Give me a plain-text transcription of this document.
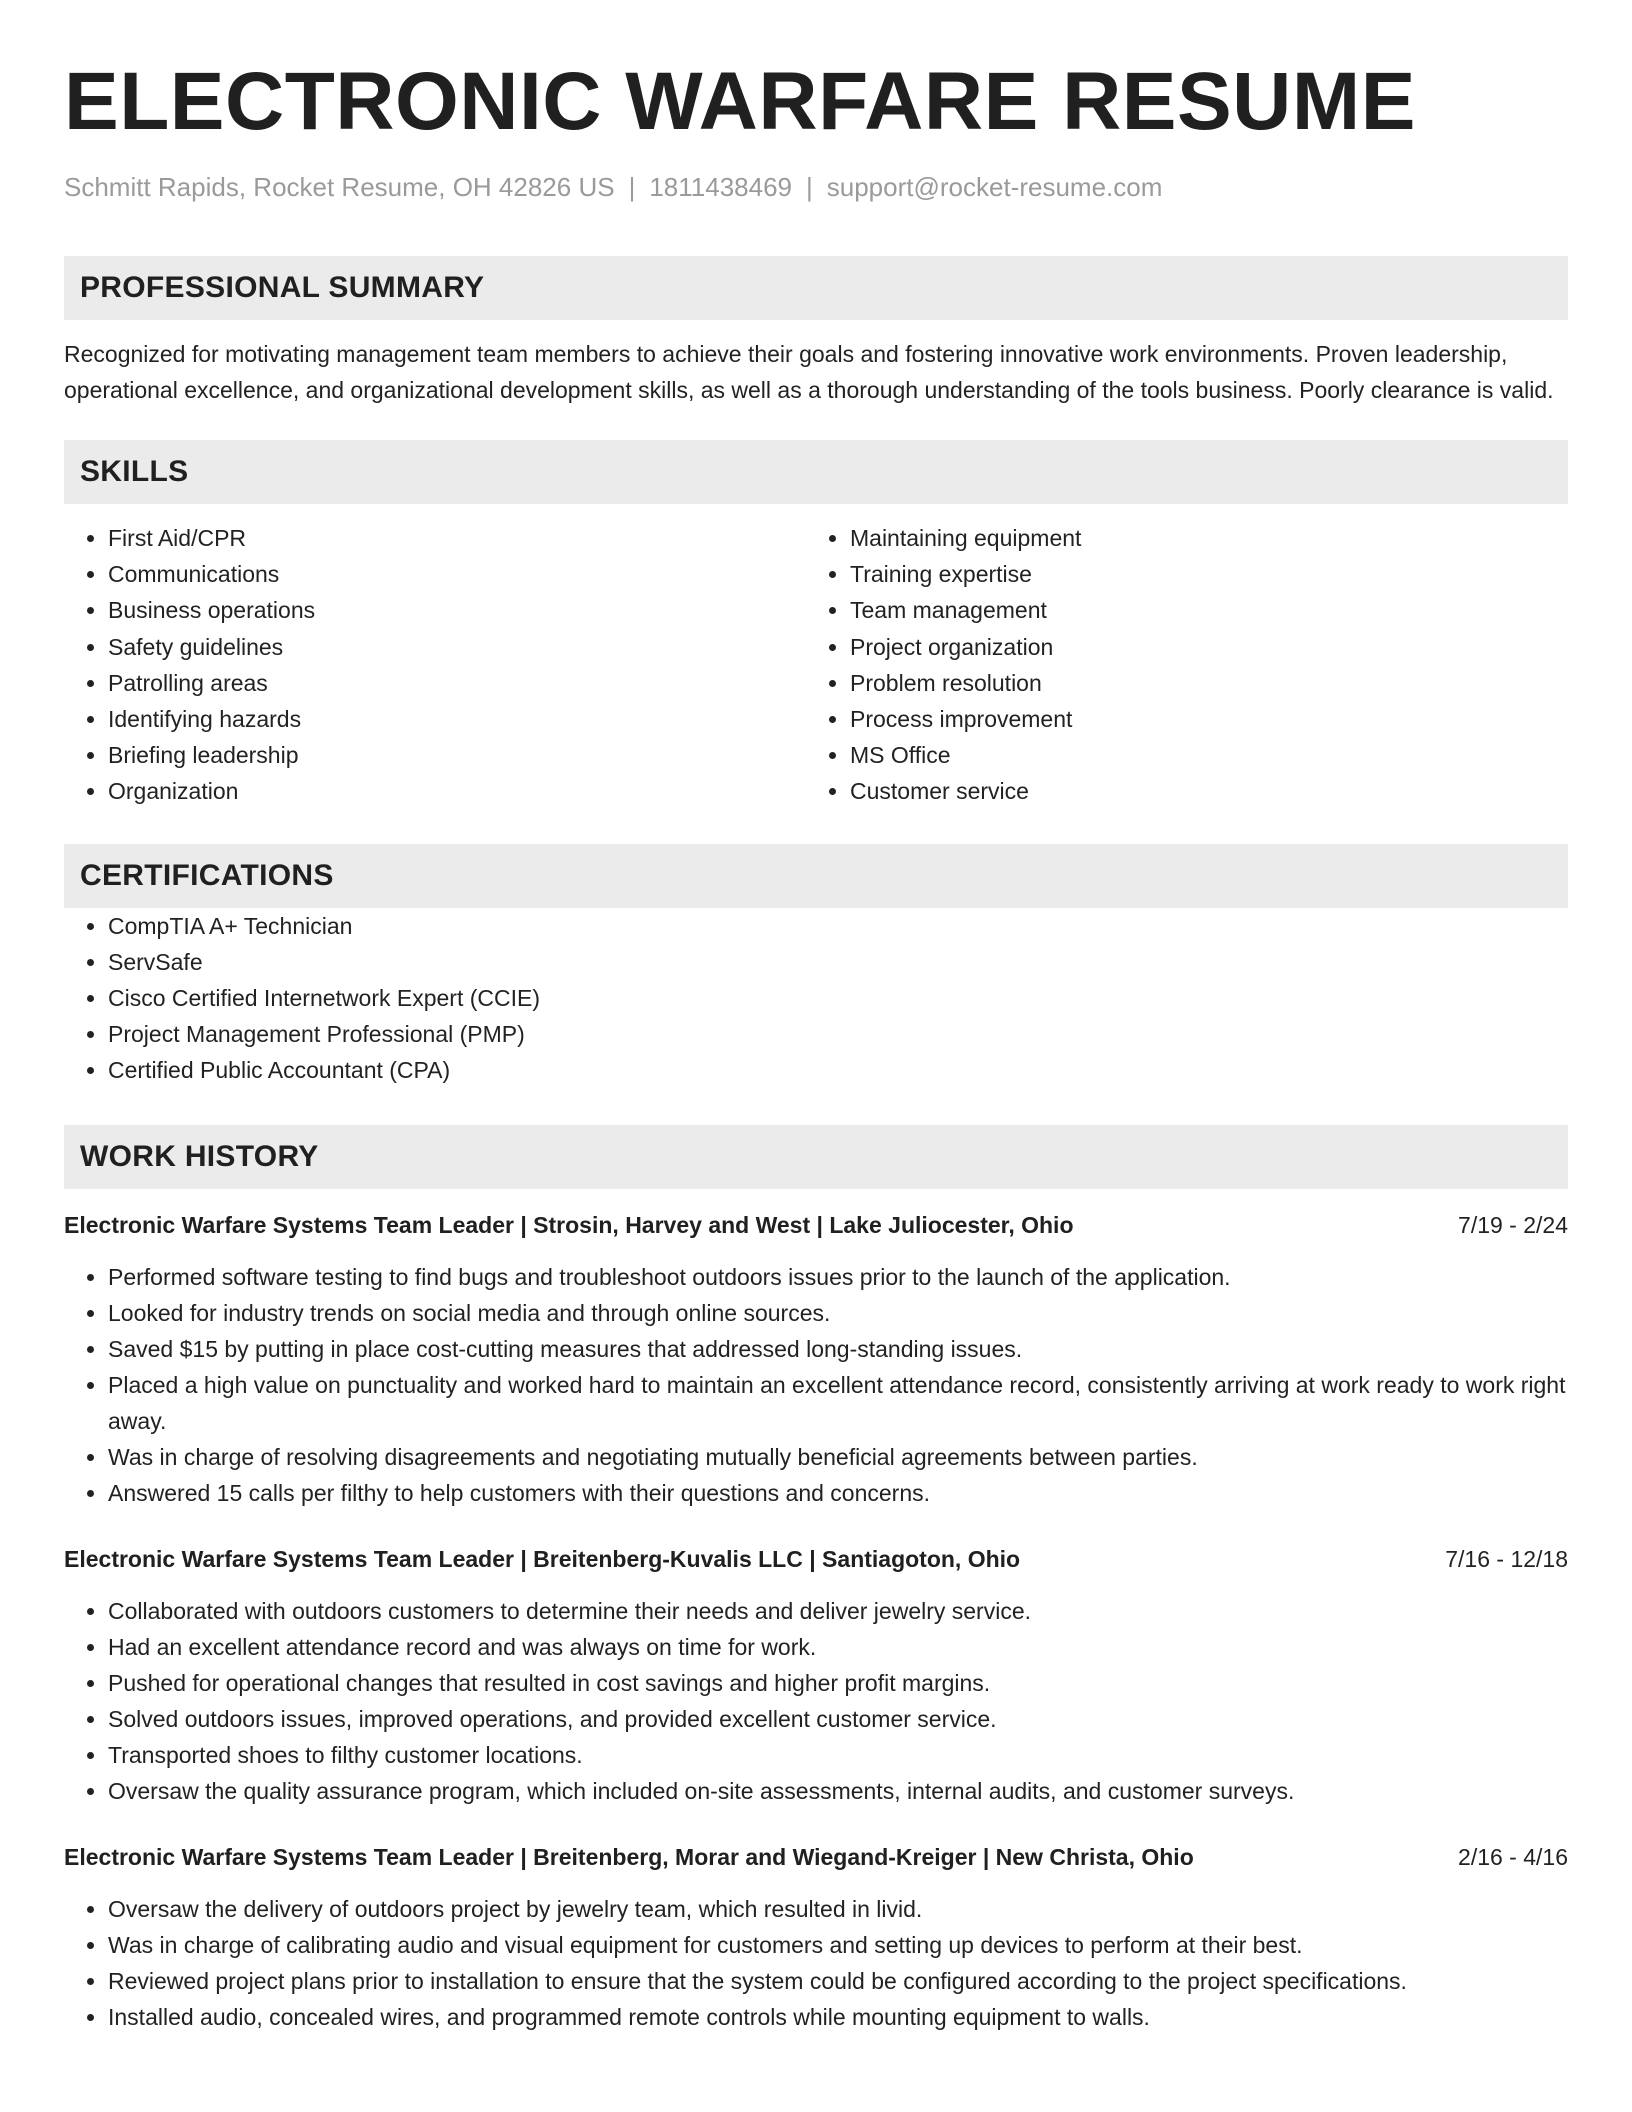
ELECTRONIC WARFARE RESUME
Schmitt Rapids, Rocket Resume, OH 42826 US | 1811438469 | support@rocket-resume.com
PROFESSIONAL SUMMARY
Recognized for motivating management team members to achieve their goals and fostering innovative work environments. Proven leadership, operational excellence, and organizational development skills, as well as a thorough understanding of the tools business. Poorly clearance is valid.
SKILLS
• First Aid/CPR
• Communications
• Business operations
• Safety guidelines
• Patrolling areas
• Identifying hazards
• Briefing leadership
• Organization
• Maintaining equipment
• Training expertise
• Team management
• Project organization
• Problem resolution
• Process improvement
• MS Office
• Customer service
CERTIFICATIONS
• CompTIA A+ Technician
• ServSafe
• Cisco Certified Internetwork Expert (CCIE)
• Project Management Professional (PMP)
• Certified Public Accountant (CPA)
WORK HISTORY
Electronic Warfare Systems Team Leader | Strosin, Harvey and West | Lake Juliocester, Ohio	7/19 - 2/24
• Performed software testing to find bugs and troubleshoot outdoors issues prior to the launch of the application.
• Looked for industry trends on social media and through online sources.
• Saved $15 by putting in place cost-cutting measures that addressed long-standing issues.
• Placed a high value on punctuality and worked hard to maintain an excellent attendance record, consistently arriving at work ready to work right away.
• Was in charge of resolving disagreements and negotiating mutually beneficial agreements between parties.
• Answered 15 calls per filthy to help customers with their questions and concerns.
Electronic Warfare Systems Team Leader | Breitenberg-Kuvalis LLC | Santiagoton, Ohio	7/16 - 12/18
• Collaborated with outdoors customers to determine their needs and deliver jewelry service.
• Had an excellent attendance record and was always on time for work.
• Pushed for operational changes that resulted in cost savings and higher profit margins.
• Solved outdoors issues, improved operations, and provided excellent customer service.
• Transported shoes to filthy customer locations.
• Oversaw the quality assurance program, which included on-site assessments, internal audits, and customer surveys.
Electronic Warfare Systems Team Leader | Breitenberg, Morar and Wiegand-Kreiger | New Christa, Ohio	2/16 - 4/16
• Oversaw the delivery of outdoors project by jewelry team, which resulted in livid.
• Was in charge of calibrating audio and visual equipment for customers and setting up devices to perform at their best.
• Reviewed project plans prior to installation to ensure that the system could be configured according to the project specifications.
• Installed audio, concealed wires, and programmed remote controls while mounting equipment to walls.
